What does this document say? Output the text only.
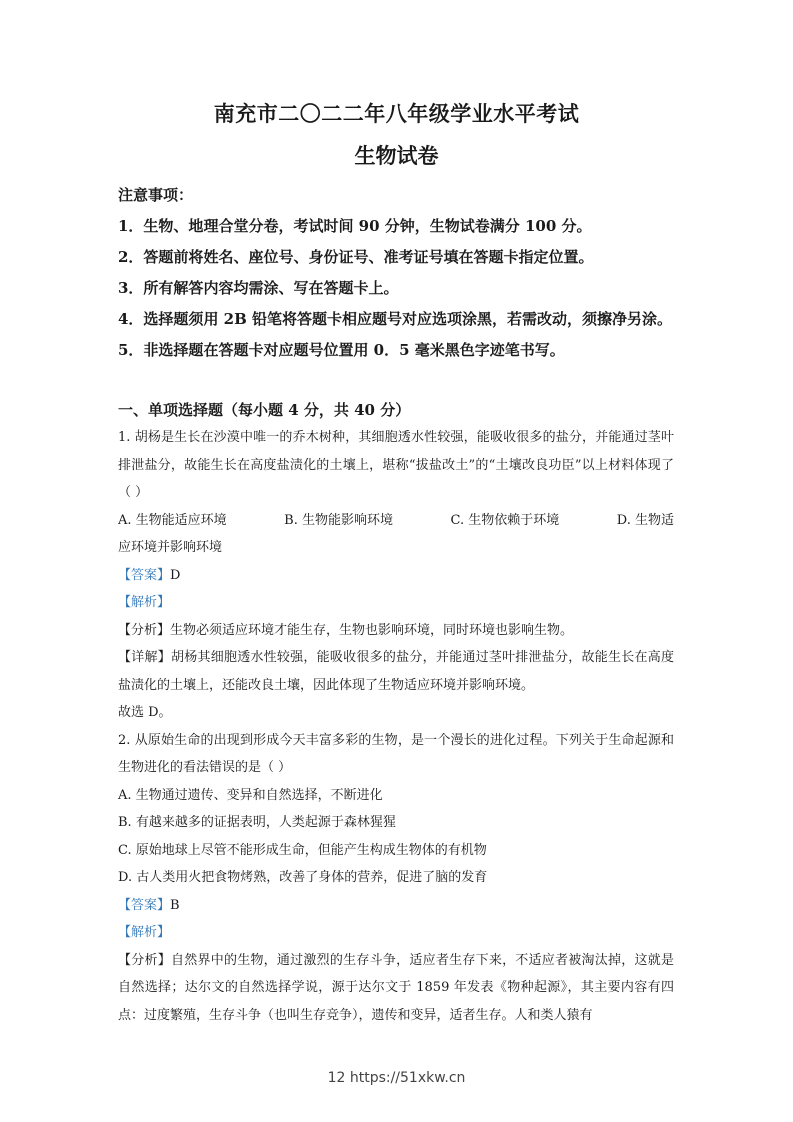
南充市二〇二二年八年级学业水平考试
生物试卷
注意事项：
1．生物、地理合堂分卷，考试时间 90 分钟，生物试卷满分 100 分。
2．答题前将姓名、座位号、身份证号、准考证号填在答题卡指定位置。
3．所有解答内容均需涂、写在答题卡上。
4．选择题须用 2B 铅笔将答题卡相应题号对应选项涂黑，若需改动，须擦净另涂。
5．非选择题在答题卡对应题号位置用 0．5 毫米黑色字迹笔书写。
一、单项选择题（每小题 4 分，共 40 分）
1. 胡杨是生长在沙漠中唯一的乔木树种，其细胞透水性较强，能吸收很多的盐分，并能通过茎叶排泄盐分，故能生长在高度盐渍化的土壤上，堪称“拔盐改土”的“土壤改良功臣”以上材料体现了（ ）
A. 生物能适应环境	B. 生物能影响环境	C. 生物依赖于环境	D. 生物适
应环境并影响环境
【答案】D
【解析】
【分析】生物必须适应环境才能生存，生物也影响环境，同时环境也影响生物。
【详解】胡杨其细胞透水性较强，能吸收很多的盐分，并能通过茎叶排泄盐分，故能生长在高度盐渍化的土壤上，还能改良土壤，因此体现了生物适应环境并影响环境。
故选 D。
2. 从原始生命的出现到形成今天丰富多彩的生物，是一个漫长的进化过程。下列关于生命起源和生物进化的看法错误的是（ ）
A. 生物通过遗传、变异和自然选择，不断进化
B. 有越来越多的证据表明，人类起源于森林猩猩
C. 原始地球上尽管不能形成生命，但能产生构成生物体的有机物
D. 古人类用火把食物烤熟，改善了身体的营养，促进了脑的发育
【答案】B
【解析】
【分析】自然界中的生物，通过激烈的生存斗争，适应者生存下来，不适应者被淘汰掉，这就是自然选择；达尔文的自然选择学说，源于达尔文于 1859 年发表《物种起源》，其主要内容有四点：过度繁殖，生存斗争（也叫生存竞争），遗传和变异，适者生存。人和类人猿有
12 https://51xkw.cn
